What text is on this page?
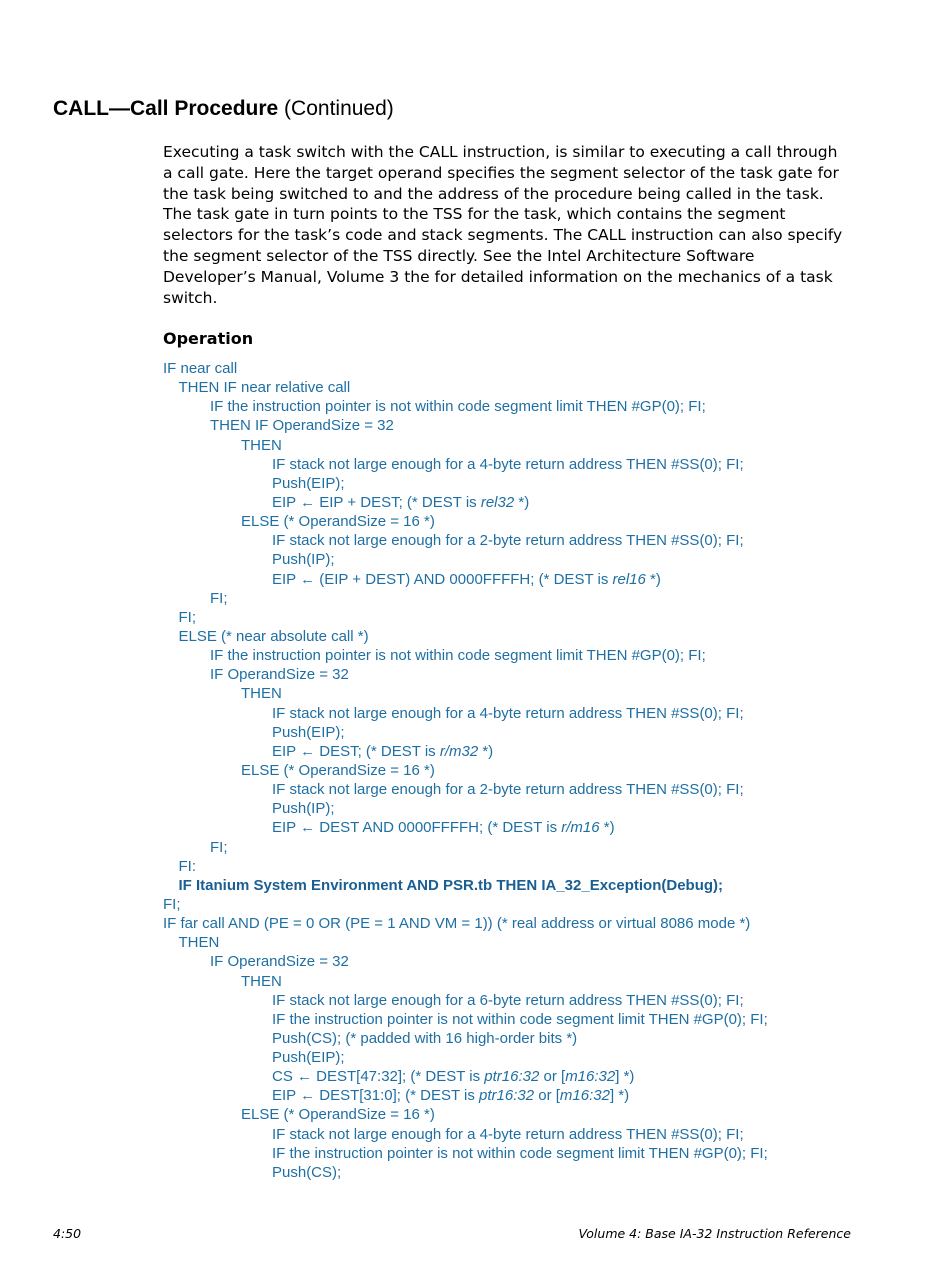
CALL—Call Procedure (Continued)
Executing a task switch with the CALL instruction, is similar to executing a call through
a call gate. Here the target operand specifies the segment selector of the task gate for
the task being switched to and the address of the procedure being called in the task.
The task gate in turn points to the TSS for the task, which contains the segment
selectors for the task’s code and stack segments. The CALL instruction can also specify
the segment selector of the TSS directly. See the Intel Architecture Software
Developer’s Manual, Volume 3 the for detailed information on the mechanics of a task
switch.
Operation
IF near call
THEN IF near relative call
IF the instruction pointer is not within code segment limit THEN #GP(0); FI;
THEN IF OperandSize = 32
THEN
IF stack not large enough for a 4-byte return address THEN #SS(0); FI;
Push(EIP);
EIP ← EIP + DEST; (* DEST is rel32 *)
ELSE (* OperandSize = 16 *)
IF stack not large enough for a 2-byte return address THEN #SS(0); FI;
Push(IP);
EIP ← (EIP + DEST) AND 0000FFFFH; (* DEST is rel16 *)
FI;
FI;
ELSE (* near absolute call *)
IF the instruction pointer is not within code segment limit THEN #GP(0); FI;
IF OperandSize = 32
THEN
IF stack not large enough for a 4-byte return address THEN #SS(0); FI;
Push(EIP);
EIP ← DEST; (* DEST is r/m32 *)
ELSE (* OperandSize = 16 *)
IF stack not large enough for a 2-byte return address THEN #SS(0); FI;
Push(IP);
EIP ← DEST AND 0000FFFFH; (* DEST is r/m16 *)
FI;
FI:
IF Itanium System Environment AND PSR.tb THEN IA_32_Exception(Debug);
FI;
IF far call AND (PE = 0 OR (PE = 1 AND VM = 1)) (* real address or virtual 8086 mode *)
THEN
IF OperandSize = 32
THEN
IF stack not large enough for a 6-byte return address THEN #SS(0); FI;
IF the instruction pointer is not within code segment limit THEN #GP(0); FI;
Push(CS); (* padded with 16 high-order bits *)
Push(EIP);
CS ← DEST[47:32]; (* DEST is ptr16:32 or [m16:32] *)
EIP ← DEST[31:0]; (* DEST is ptr16:32 or [m16:32] *)
ELSE (* OperandSize = 16 *)
IF stack not large enough for a 4-byte return address THEN #SS(0); FI;
IF the instruction pointer is not within code segment limit THEN #GP(0); FI;
Push(CS);
4:50	Volume 4: Base IA-32 Instruction Reference
